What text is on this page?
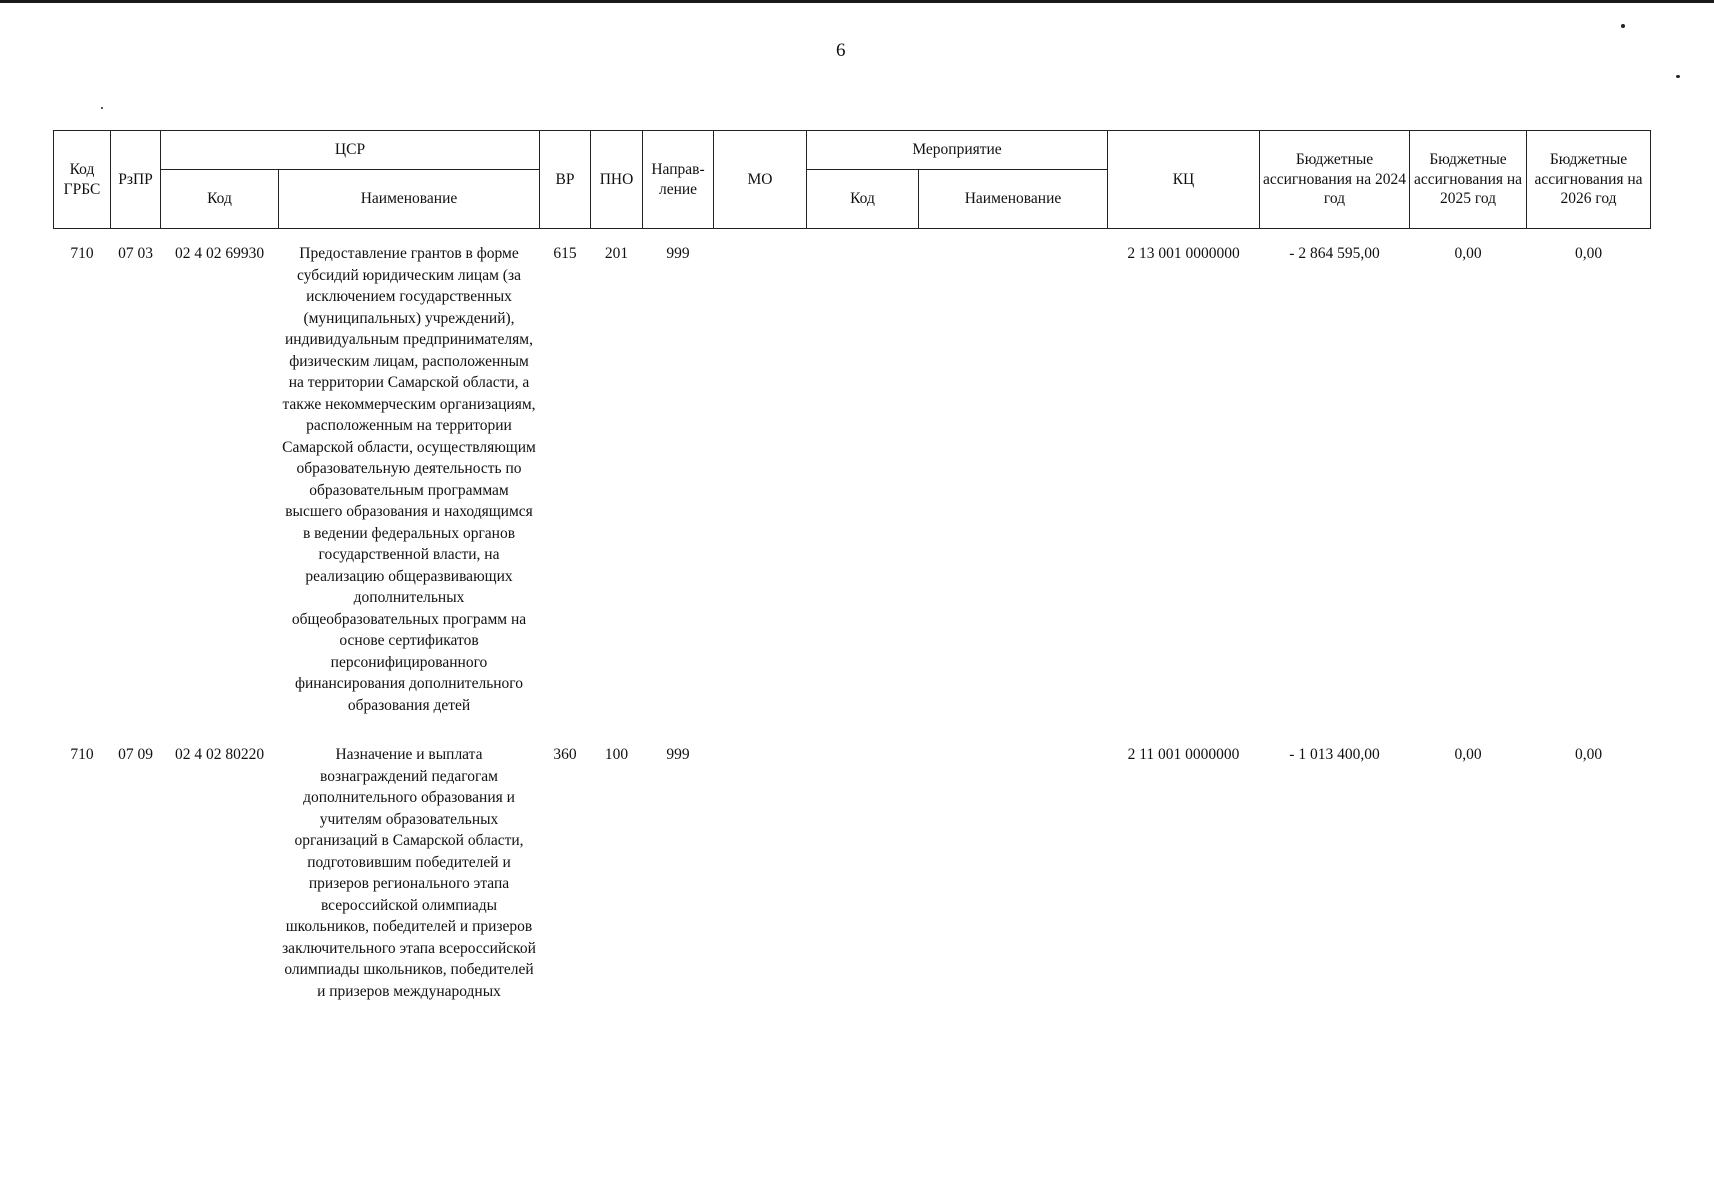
6
Код ГРБС	РзПР	ЦСР		ВР	ПНО	Направ-ление	МО	Мероприятие		КЦ	Бюджетные ассигнования на 2024 год	Бюджетные ассигнования на 2025 год	Бюджетные ассигнования на 2026 год
		Код	Наименование					Код	Наименование				
710	07 03	02 4 02 69930	Предоставление грантов в форме субсидий юридическим лицам (за исключением государственных (муниципальных) учреждений), индивидуальным предпринимателям, физическим лицам, расположенным на территории Самарской области, а также некоммерческим организациям, расположенным на территории Самарской области, осуществляющим образовательную деятельность по образовательным программам высшего образования и находящимся в ведении федеральных органов государственной власти, на реализацию общеразвивающих дополнительных общеобразовательных программ на основе сертификатов персонифицированного финансирования дополнительного образования детей	615	201	999				2 13 001 0000000	- 2 864 595,00	0,00	0,00
710	07 09	02 4 02 80220	Назначение и выплата вознаграждений педагогам дополнительного образования и учителям образовательных организаций в Самарской области, подготовившим победителей и призеров регионального этапа всероссийской олимпиады школьников, победителей и призеров заключительного этапа всероссийской олимпиады школьников, победителей и призеров международных	360	100	999				2 11 001 0000000	- 1 013 400,00	0,00	0,00
